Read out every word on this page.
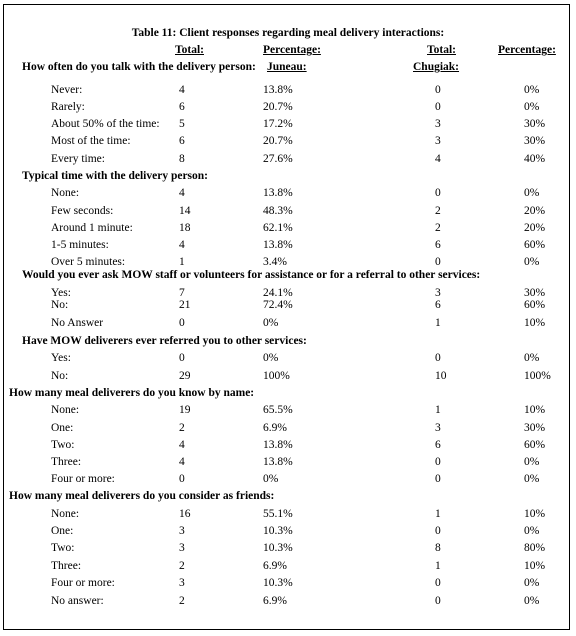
Table 11: Client responses regarding meal delivery interactions:
Total:	Percentage:	Total:	Percentage:
Juneau:	Chugiak:
How often do you talk with the delivery person:
Never:	4	13.8%	0	0%
Rarely:	6	20.7%	0	0%
About 50% of the time: 5	17.2%	3	30%
Most of the time:	6	20.7%	3	30%
Every time:	8	27.6%	4	40%
Typical time with the delivery person:
None:	4	13.8%	0	0%
Few seconds:	14	48.3%	2	20%
Around 1 minute:	18	62.1%	2	20%
1-5 minutes:	4	13.8%	6	60%
Over 5 minutes:	1	3.4%	0	0%
Would you ever ask MOW staff or volunteers for assistance or for a referral to other services:
Yes:	7	24.1%	3	30%
No:	21	72.4%	6	60%
No Answer	0	0%	1	10%
Have MOW deliverers ever referred you to other services:
Yes:	0	0%	0	0%
No:	29	100%	10	100%
How many meal deliverers do you know by name:
None:	19	65.5%	1	10%
One:	2	6.9%	3	30%
Two:	4	13.8%	6	60%
Three:	4	13.8%	0	0%
Four or more:	0	0%	0	0%
How many meal deliverers do you consider as friends:
None:	16	55.1%	1	10%
One:	3	10.3%	0	0%
Two:	3	10.3%	8	80%
Three:	2	6.9%	1	10%
Four or more:	3	10.3%	0	0%
No answer:	2	6.9%	0	0%
